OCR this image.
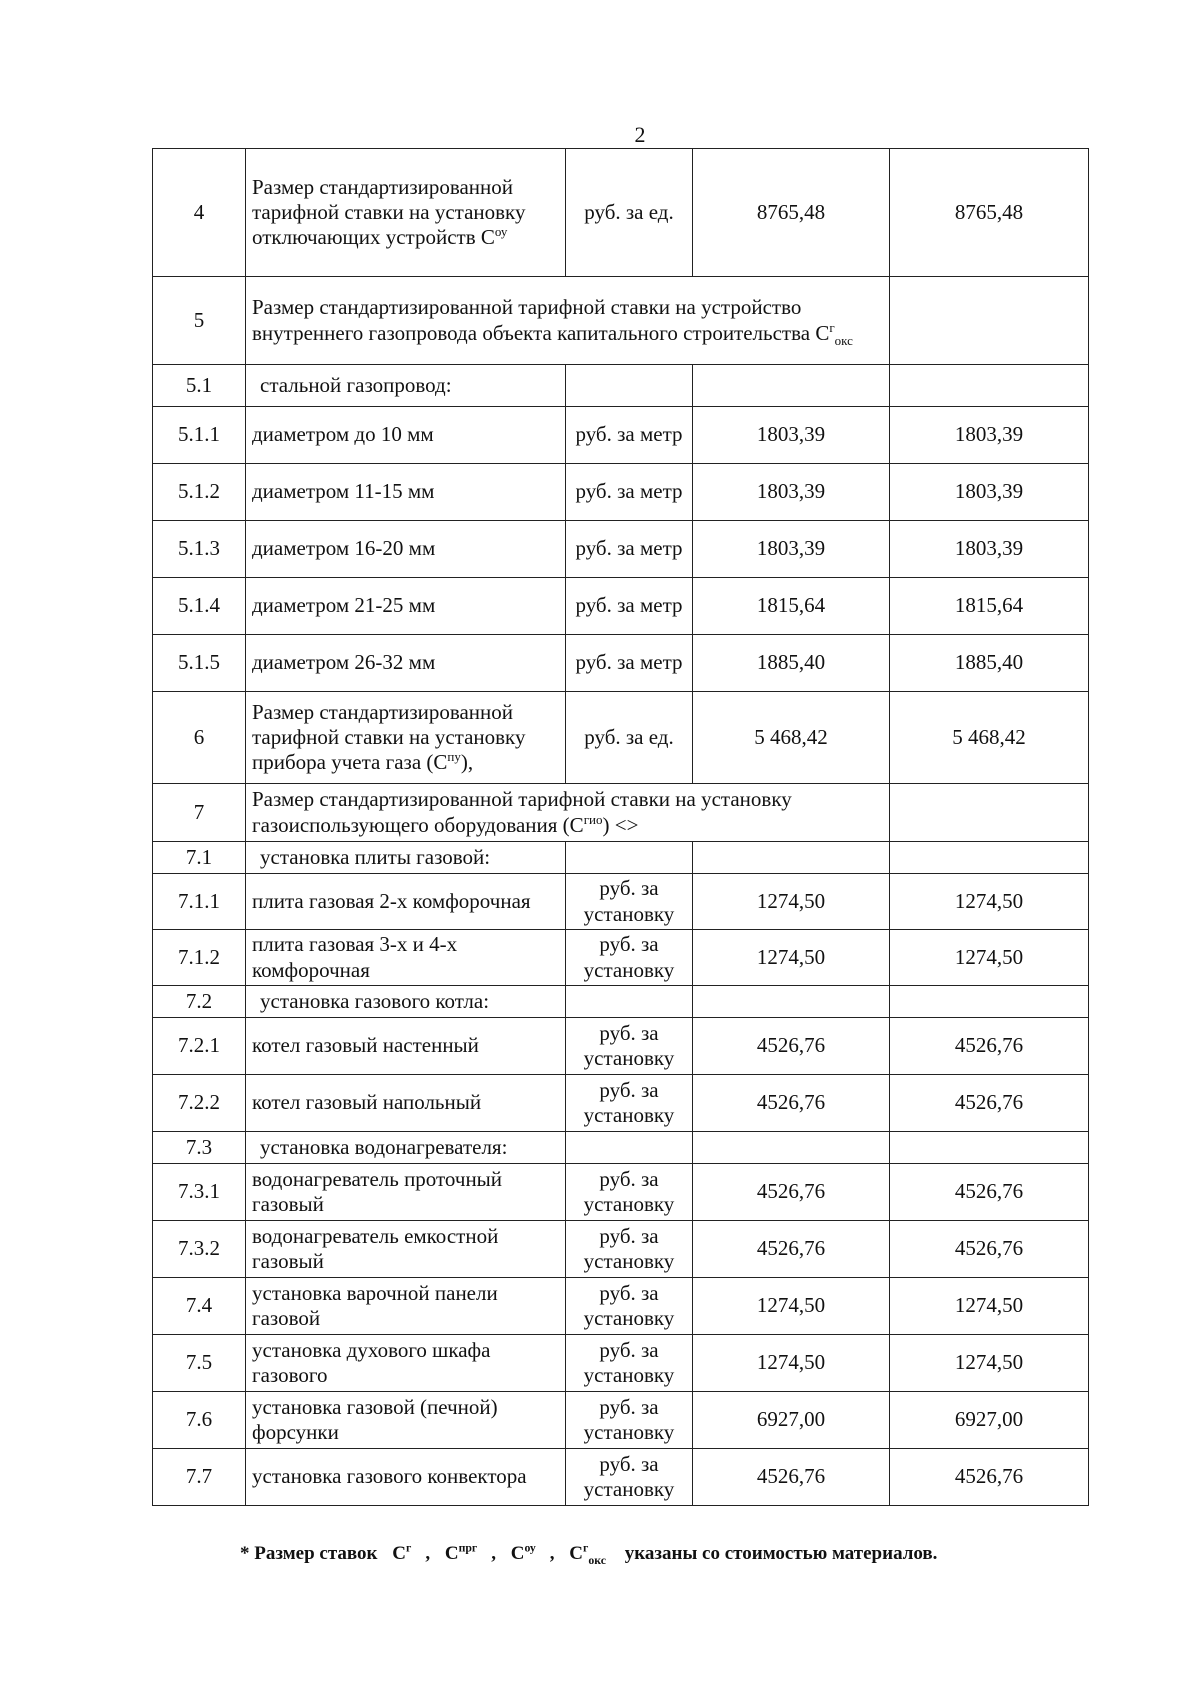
2
4	Размер стандартизированной тарифной ставки на установку отключающих устройств $С^{оу}$	руб. за ед.	8765,48	8765,48
5	Размер стандартизированной тарифной ставки на устройство внутреннего газопровода объекта капитального строительства $С^г_{окс}$	
5.1	стальной газопровод:			
5.1.1	диаметром до 10 мм	руб. за метр	1803,39	1803,39
5.1.2	диаметром 11-15 мм	руб. за метр	1803,39	1803,39
5.1.3	диаметром 16-20 мм	руб. за метр	1803,39	1803,39
5.1.4	диаметром 21-25 мм	руб. за метр	1815,64	1815,64
5.1.5	диаметром 26-32 мм	руб. за метр	1885,40	1885,40
6	Размер стандартизированной тарифной ставки на установку прибора учета газа $(С^{пу})$,	руб. за ед.	5 468,42	5 468,42
7	Размер стандартизированной тарифной ставки на установку газоиспользующего оборудования $(С^{гио})$ <>			
7.1	установка плиты газовой:			
7.1.1	плита газовая 2-х комфорочная	руб. за установку	1274,50	1274,50
7.1.2	плита газовая 3-х и 4-х комфорочная	руб. за установку	1274,50	1274,50
7.2	установка газового котла:			
7.2.1	котел газовый настенный	руб. за установку	4526,76	4526,76
7.2.2	котел газовый напольный	руб. за установку	4526,76	4526,76
7.3	установка водонагревателя:			
7.3.1	водонагреватель проточный газовый	руб. за установку	4526,76	4526,76
7.3.2	водонагреватель емкостной газовый	руб. за установку	4526,76	4526,76
7.4	установка варочной панели газовой	руб. за установку	1274,50	1274,50
7.5	установка духового шкафа газового	руб. за установку	1274,50	1274,50
7.6	установка газовой (печной) форсунки	руб. за установку	6927,00	6927,00
7.7	установка газового конвектора	руб. за установку	4526,76	4526,76
* Размер ставок $С^г$ , $С^{прг}$ , $С^{оу}$ , $С^г_{окс}$ указаны со стоимостью материалов.
